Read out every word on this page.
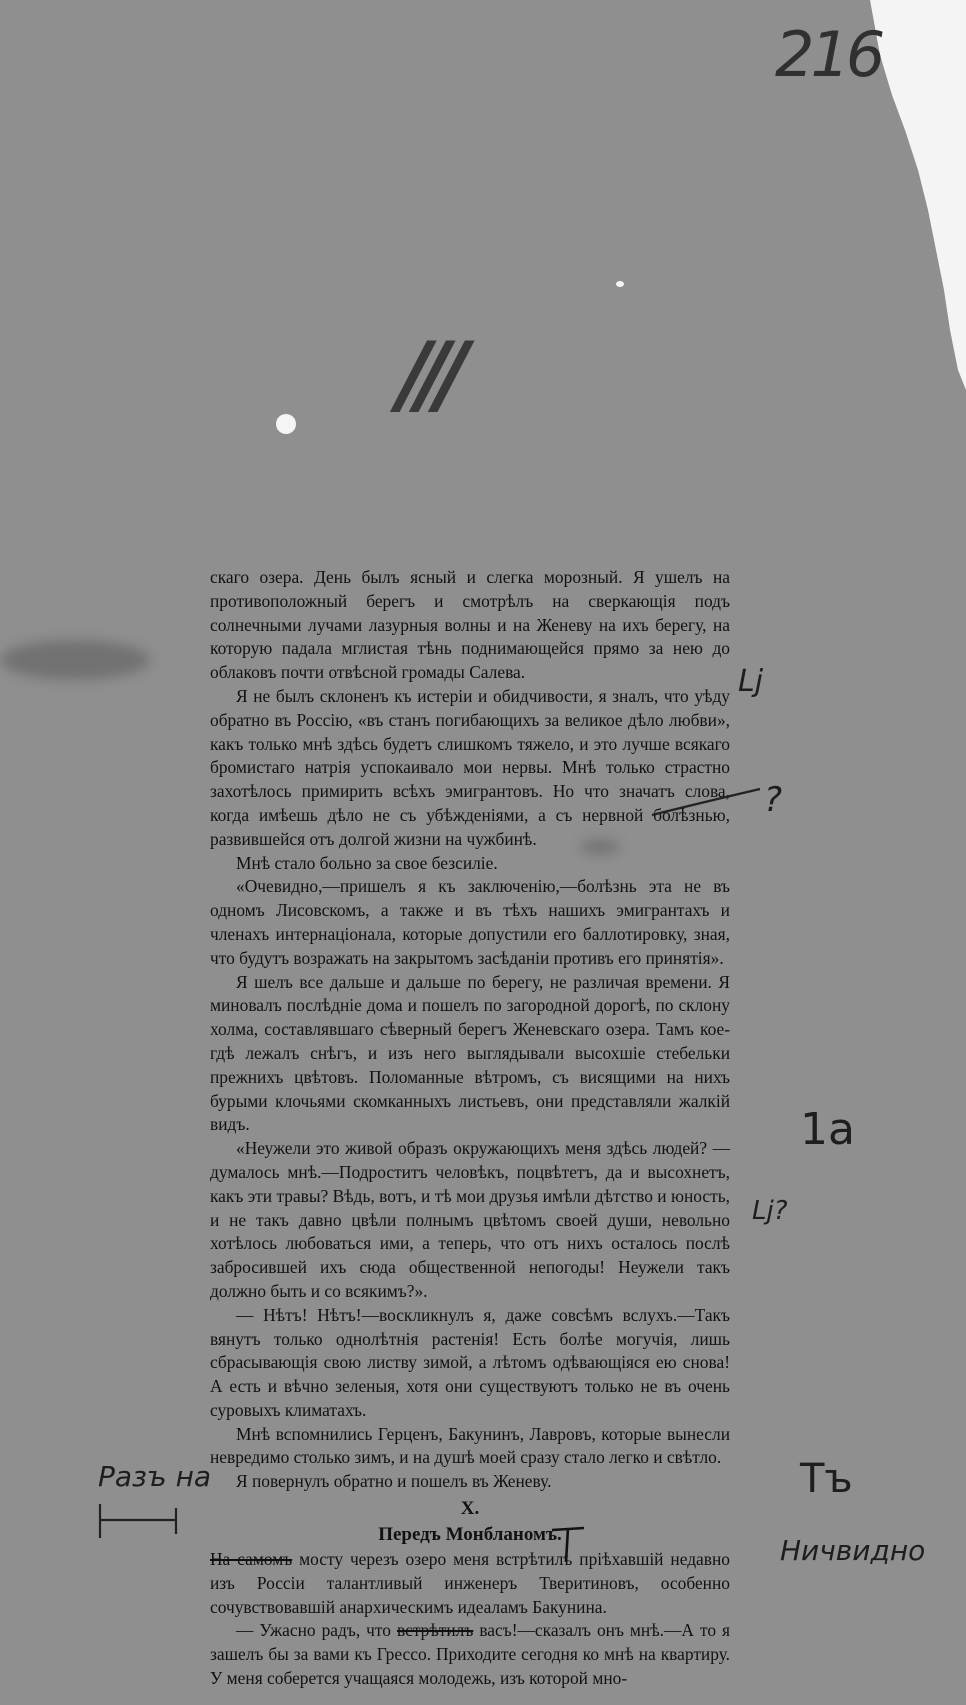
216
III

скаго озера. День былъ ясный и слегка морозный. Я ушелъ на противоположный берегъ и смотрѣлъ на сверкающія подъ солнечными лучами лазурныя волны и на Женеву на ихъ берегу, на которую падала мглистая тѣнь поднимающейся прямо за нею до облаковъ почти отвѣсной громады Салева.

Я не былъ склоненъ къ истеріи и обидчивости, я зналъ, что уѣду обратно въ Россію, «въ станъ погибающихъ за великое дѣло любви», какъ только мнѣ здѣсь будетъ слишкомъ тяжело, и это лучше всякаго бромистаго натрія успокаивало мои нервы. Мнѣ только страстно захотѣлось примирить всѣхъ эмигрантовъ. Но что значатъ слова, когда имѣешь дѣло не съ убѣжденіями, а съ нервной болѣзнью, развившейся отъ долгой жизни на чужбинѣ.

Мнѣ стало больно за свое безсиліе.

«Очевидно,—пришелъ я къ заключенію,—болѣзнь эта не въ одномъ Лисовскомъ, а также и въ тѣхъ нашихъ эмигрантахъ и членахъ интернаціонала, которые допустили его баллотировку, зная, что будутъ возражать на закрытомъ засѣданіи противъ его принятія».

Я шелъ все дальше и дальше по берегу, не различая времени. Я миновалъ послѣдніе дома и пошелъ по загородной дорогѣ, по склону холма, составлявшаго сѣверный берегъ Женевскаго озера. Тамъ кое-гдѣ лежалъ снѣгъ, и изъ него выглядывали высохшіе стебельки прежнихъ цвѣтовъ. Поломанные вѣтромъ, съ висящими на нихъ бурыми клочьями скомканныхъ листьевъ, они представляли жалкій видъ.

«Неужели это живой образъ окружающихъ меня здѣсь людей? —думалось мнѣ.—Подроститъ человѣкъ, поцвѣтетъ, да и высохнетъ, какъ эти травы? Вѣдь, вотъ, и тѣ мои друзья имѣли дѣтство и юность, и не такъ давно цвѣли полнымъ цвѣтомъ своей души, невольно хотѣлось любоваться ими, а теперь, что отъ нихъ осталось послѣ забросившей ихъ сюда общественной непогоды! Неужели такъ должно быть и со всякимъ?».

— Нѣтъ! Нѣтъ!—воскликнулъ я, даже совсѣмъ вслухъ.—Такъ вянутъ только однолѣтнія растенія! Есть болѣе могучія, лишь сбрасывающія свою листву зимой, а лѣтомъ одѣвающіяся ею снова! А есть и вѣчно зеленыя, хотя они существуютъ только не въ очень суровыхъ климатахъ.

Мнѣ вспомнились Герценъ, Бакунинъ, Лавровъ, которые вынесли невредимо столько зимъ, и на душѣ моей сразу стало легко и свѣтло.

Я повернулъ обратно и пошелъ въ Женеву.

X.
Передъ Монбланомъ.

На самомъ мосту черезъ озеро меня встрѣтилъ пріѣхавшій недавно изъ Россіи талантливый инженеръ Тверитиновъ, особенно сочувствовавшій анархическимъ идеаламъ Бакунина.

— Ужасно радъ, что встрѣтилъ васъ!—сказалъ онъ мнѣ.—А то я зашелъ бы за вами къ Грессо. Приходите сегодня ко мнѣ на квартиру. У меня соберется учащаяся молодежь, изъ которой мно-

Lj
?
1a
Lj?
Разъ на	Тъ
Ничвидно
